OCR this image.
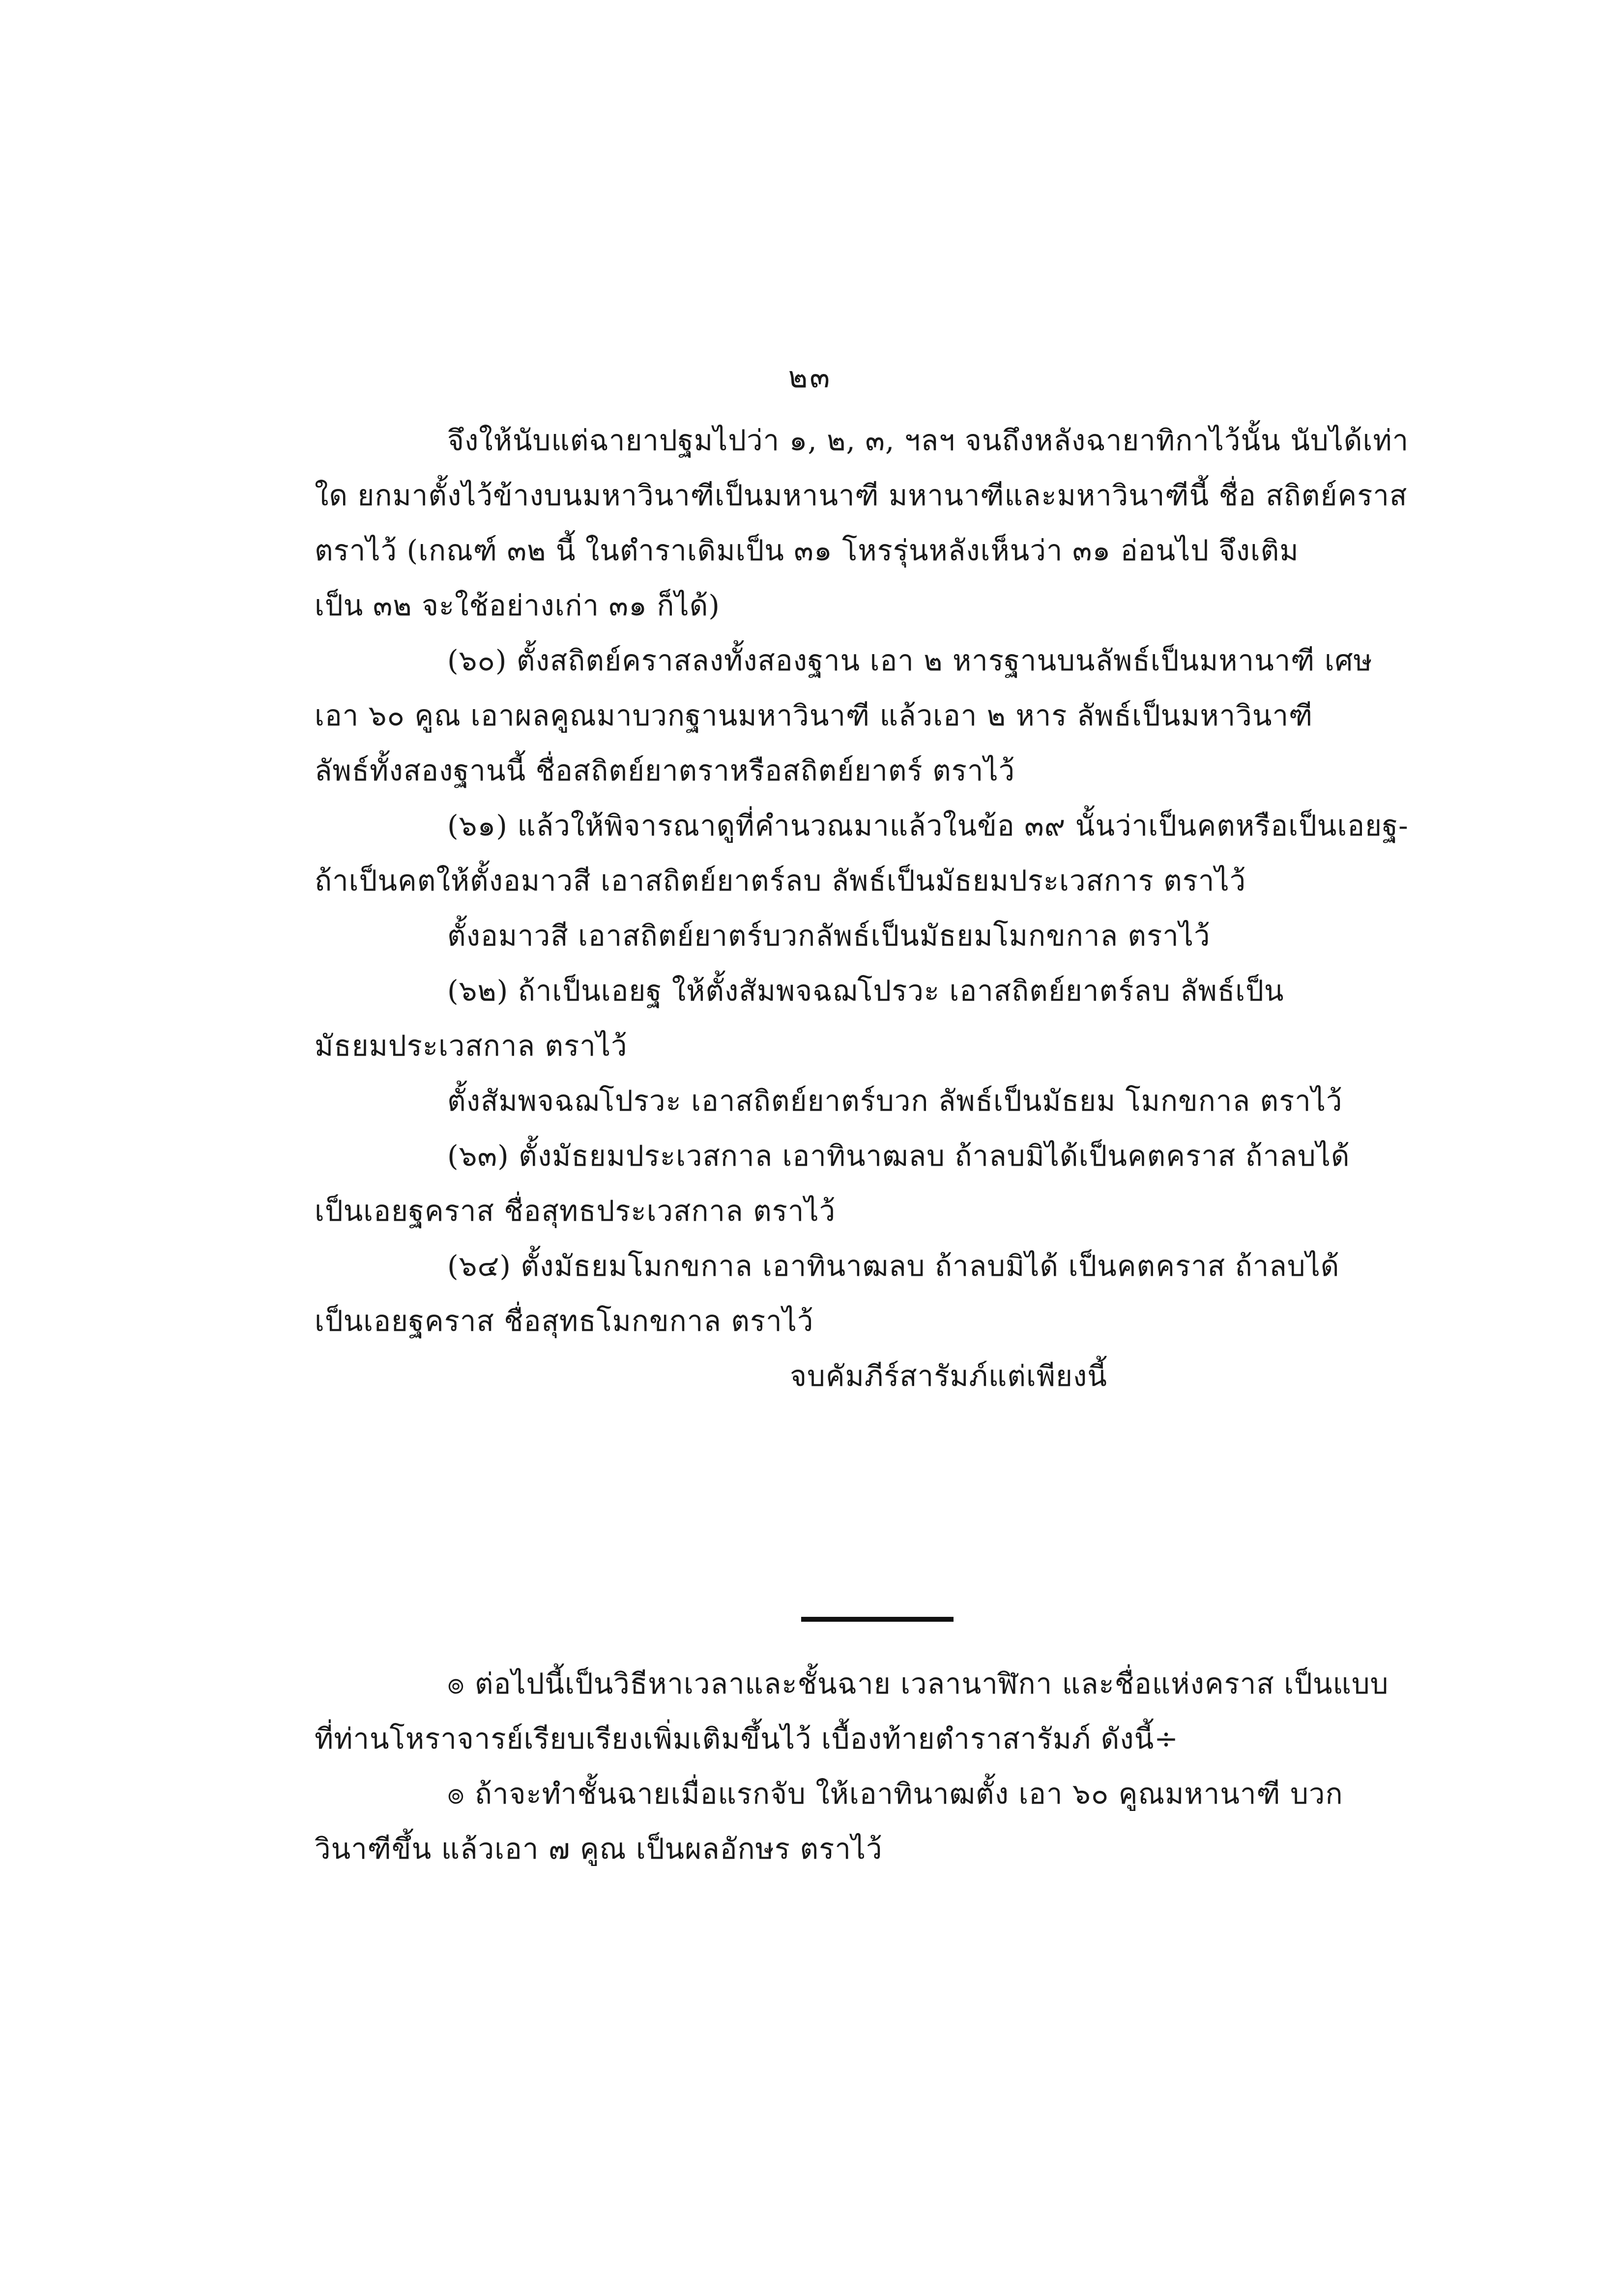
๒๓
จึงให้นับแต่ฉายาปฐมไปว่า ๑, ๒, ๓, ฯลฯ จนถึงหลังฉายาทิกาไว้นั้น นับได้เท่า
ใด ยกมาตั้งไว้ข้างบนมหาวินาฑีเป็นมหานาฑี มหานาฑีและมหาวินาฑีนี้ ชื่อ สถิตย์คราส
ตราไว้ (เกณฑ์ ๓๒ นี้ ในตำราเดิมเป็น ๓๑ โหรรุ่นหลังเห็นว่า ๓๑ อ่อนไป จึงเติม
เป็น ๓๒ จะใช้อย่างเก่า ๓๑ ก็ได้)
(๖๐) ตั้งสถิตย์คราสลงทั้งสองฐาน เอา ๒ หารฐานบนลัพธ์เป็นมหานาฑี เศษ
เอา ๖๐ คูณ เอาผลคูณมาบวกฐานมหาวินาฑี แล้วเอา ๒ หาร ลัพธ์เป็นมหาวินาฑี
ลัพธ์ทั้งสองฐานนี้ ชื่อสถิตย์ยาตราหรือสถิตย์ยาตร์ ตราไว้
(๖๑) แล้วให้พิจารณาดูที่คำนวณมาแล้วในข้อ ๓๙ นั้นว่าเป็นคตหรือเป็นเอยฐ-
ถ้าเป็นคตให้ตั้งอมาวสี เอาสถิตย์ยาตร์ลบ ลัพธ์เป็นมัธยมประเวสการ ตราไว้
ตั้งอมาวสี เอาสถิตย์ยาตร์บวกลัพธ์เป็นมัธยมโมกขกาล ตราไว้
(๖๒) ถ้าเป็นเอยฐ ให้ตั้งสัมพจฉฌโปรวะ เอาสถิตย์ยาตร์ลบ ลัพธ์เป็น
มัธยมประเวสกาล ตราไว้
ตั้งสัมพจฉฌโปรวะ เอาสถิตย์ยาตร์บวก ลัพธ์เป็นมัธยม โมกขกาล ตราไว้
(๖๓) ตั้งมัธยมประเวสกาล เอาทินาฒลบ ถ้าลบมิได้เป็นคตคราส ถ้าลบได้
เป็นเอยฐคราส ชื่อสุทธประเวสกาล ตราไว้
(๖๔) ตั้งมัธยมโมกขกาล เอาทินาฒลบ ถ้าลบมิได้ เป็นคตคราส ถ้าลบได้
เป็นเอยฐคราส ชื่อสุทธโมกขกาล ตราไว้
จบคัมภีร์สารัมภ์แต่เพียงนี้
๏ ต่อไปนี้เป็นวิธีหาเวลาและชั้นฉาย เวลานาฬิกา และชื่อแห่งคราส เป็นแบบ
ที่ท่านโหราจารย์เรียบเรียงเพิ่มเติมขึ้นไว้ เบื้องท้ายตำราสารัมภ์ ดังนี้÷
๏ ถ้าจะทำชั้นฉายเมื่อแรกจับ ให้เอาทินาฒตั้ง เอา ๖๐ คูณมหานาฑี บวก
วินาฑีขึ้น แล้วเอา ๗ คูณ เป็นผลอักษร ตราไว้
